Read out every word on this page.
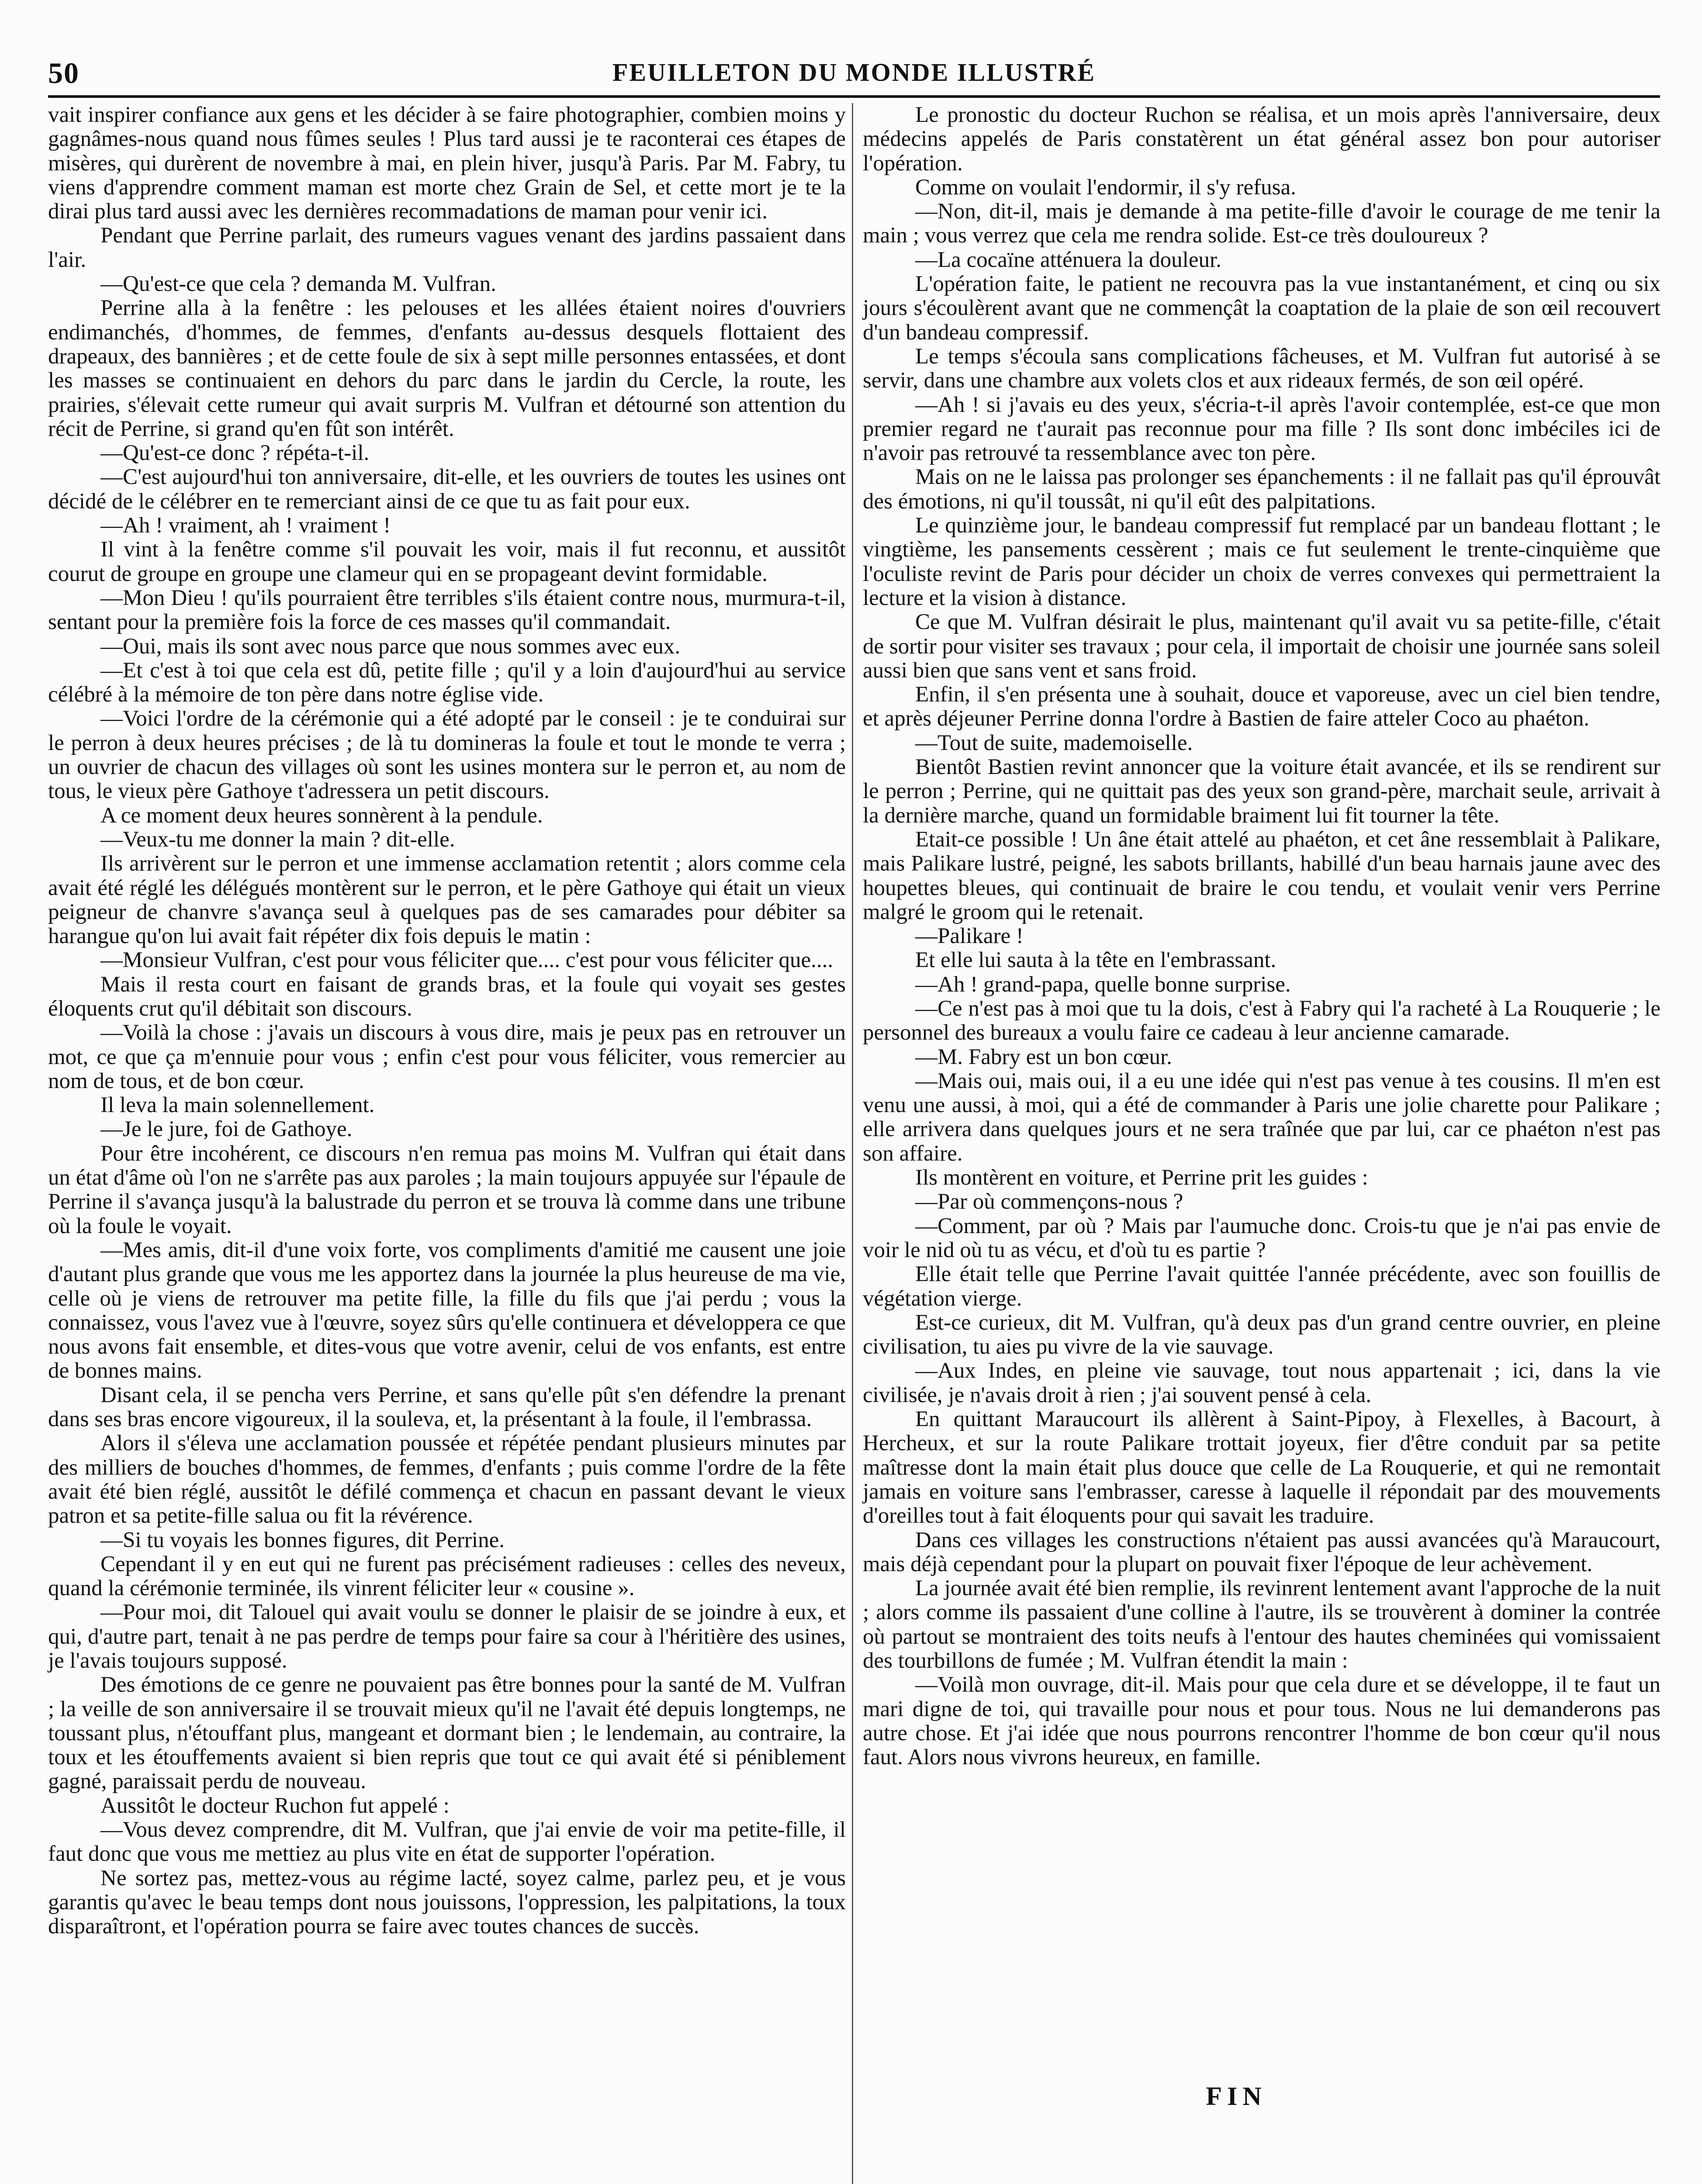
50	FEUILLETON DU MONDE ILLUSTRÉ

vait inspirer confiance aux gens et les décider à se faire photographier, combien moins y gagnâmes-nous quand nous fûmes seules ! Plus tard aussi je te raconterai ces étapes de misères, qui durèrent de novembre à mai, en plein hiver, jusqu'à Paris. Par M. Fabry, tu viens d'apprendre comment maman est morte chez Grain de Sel, et cette mort je te la dirai plus tard aussi avec les dernières recommadations de maman pour venir ici.

Pendant que Perrine parlait, des rumeurs vagues venant des jardins passaient dans l'air.

—Qu'est-ce que cela ? demanda M. Vulfran.

Perrine alla à la fenêtre : les pelouses et les allées étaient noires d'ouvriers endimanchés, d'hommes, de femmes, d'enfants au-dessus desquels flottaient des drapeaux, des bannières ; et de cette foule de six à sept mille personnes entassées, et dont les masses se continuaient en dehors du parc dans le jardin du Cercle, la route, les prairies, s'élevait cette rumeur qui avait surpris M. Vulfran et détourné son attention du récit de Perrine, si grand qu'en fût son intérêt.

—Qu'est-ce donc ? répéta-t-il.

—C'est aujourd'hui ton anniversaire, dit-elle, et les ouvriers de toutes les usines ont décidé de le célébrer en te remerciant ainsi de ce que tu as fait pour eux.

—Ah ! vraiment, ah ! vraiment !

Il vint à la fenêtre comme s'il pouvait les voir, mais il fut reconnu, et aussitôt courut de groupe en groupe une clameur qui en se propageant devint formidable.

—Mon Dieu ! qu'ils pourraient être terribles s'ils étaient contre nous, murmura-t-il, sentant pour la première fois la force de ces masses qu'il commandait.

—Oui, mais ils sont avec nous parce que nous sommes avec eux.

—Et c'est à toi que cela est dû, petite fille ; qu'il y a loin d'aujourd'hui au service célébré à la mémoire de ton père dans notre église vide.

—Voici l'ordre de la cérémonie qui a été adopté par le conseil : je te conduirai sur le perron à deux heures précises ; de là tu domineras la foule et tout le monde te verra ; un ouvrier de chacun des villages où sont les usines montera sur le perron et, au nom de tous, le vieux père Gathoye t'adressera un petit discours.

A ce moment deux heures sonnèrent à la pendule.

—Veux-tu me donner la main ? dit-elle.

Ils arrivèrent sur le perron et une immense acclamation retentit ; alors comme cela avait été réglé les délégués montèrent sur le perron, et le père Gathoye qui était un vieux peigneur de chanvre s'avança seul à quelques pas de ses camarades pour débiter sa harangue qu'on lui avait fait répéter dix fois depuis le matin :

—Monsieur Vulfran, c'est pour vous féliciter que.... c'est pour vous féliciter que....

Mais il resta court en faisant de grands bras, et la foule qui voyait ses gestes éloquents crut qu'il débitait son discours.

—Voilà la chose : j'avais un discours à vous dire, mais je peux pas en retrouver un mot, ce que ça m'ennuie pour vous ; enfin c'est pour vous féliciter, vous remercier au nom de tous, et de bon cœur.

Il leva la main solennellement.

—Je le jure, foi de Gathoye.

Pour être incohérent, ce discours n'en remua pas moins M. Vulfran qui était dans un état d'âme où l'on ne s'arrête pas aux paroles ; la main toujours appuyée sur l'épaule de Perrine il s'avança jusqu'à la balustrade du perron et se trouva là comme dans une tribune où la foule le voyait.

—Mes amis, dit-il d'une voix forte, vos compliments d'amitié me causent une joie d'autant plus grande que vous me les apportez dans la journée la plus heureuse de ma vie, celle où je viens de retrouver ma petite fille, la fille du fils que j'ai perdu ; vous la connaissez, vous l'avez vue à l'œuvre, soyez sûrs qu'elle continuera et développera ce que nous avons fait ensemble, et dites-vous que votre avenir, celui de vos enfants, est entre de bonnes mains.

Disant cela, il se pencha vers Perrine, et sans qu'elle pût s'en défendre la prenant dans ses bras encore vigoureux, il la souleva, et, la présentant à la foule, il l'embrassa.

Alors il s'éleva une acclamation poussée et répétée pendant plusieurs minutes par des milliers de bouches d'hommes, de femmes, d'enfants ; puis comme l'ordre de la fête avait été bien réglé, aussitôt le défilé commença et chacun en passant devant le vieux patron et sa petite-fille salua ou fit la révérence.

—Si tu voyais les bonnes figures, dit Perrine.

Cependant il y en eut qui ne furent pas précisément radieuses : celles des neveux, quand la cérémonie terminée, ils vinrent féliciter leur « cousine ».

—Pour moi, dit Talouel qui avait voulu se donner le plaisir de se joindre à eux, et qui, d'autre part, tenait à ne pas perdre de temps pour faire sa cour à l'héritière des usines, je l'avais toujours supposé.

Des émotions de ce genre ne pouvaient pas être bonnes pour la santé de M. Vulfran ; la veille de son anniversaire il se trouvait mieux qu'il ne l'avait été depuis longtemps, ne toussant plus, n'étouffant plus, mangeant et dormant bien ; le lendemain, au contraire, la toux et les étouffements avaient si bien repris que tout ce qui avait été si péniblement gagné, paraissait perdu de nouveau.

Aussitôt le docteur Ruchon fut appelé :

—Vous devez comprendre, dit M. Vulfran, que j'ai envie de voir ma petite-fille, il faut donc que vous me mettiez au plus vite en état de supporter l'opération.

Ne sortez pas, mettez-vous au régime lacté, soyez calme, parlez peu, et je vous garantis qu'avec le beau temps dont nous jouissons, l'oppression, les palpitations, la toux disparaîtront, et l'opération pourra se faire avec toutes chances de succès.

Le pronostic du docteur Ruchon se réalisa, et un mois après l'anniversaire, deux médecins appelés de Paris constatèrent un état général assez bon pour autoriser l'opération.

Comme on voulait l'endormir, il s'y refusa.

—Non, dit-il, mais je demande à ma petite-fille d'avoir le courage de me tenir la main ; vous verrez que cela me rendra solide. Est-ce très douloureux ?

—La cocaïne atténuera la douleur.

L'opération faite, le patient ne recouvra pas la vue instantanément, et cinq ou six jours s'écoulèrent avant que ne commençât la coaptation de la plaie de son œil recouvert d'un bandeau compressif.

Le temps s'écoula sans complications fâcheuses, et M. Vulfran fut autorisé à se servir, dans une chambre aux volets clos et aux rideaux fermés, de son œil opéré.

—Ah ! si j'avais eu des yeux, s'écria-t-il après l'avoir contemplée, est-ce que mon premier regard ne t'aurait pas reconnue pour ma fille ? Ils sont donc imbéciles ici de n'avoir pas retrouvé ta ressemblance avec ton père.

Mais on ne le laissa pas prolonger ses épanchements : il ne fallait pas qu'il éprouvât des émotions, ni qu'il toussât, ni qu'il eût des palpitations.

Le quinzième jour, le bandeau compressif fut remplacé par un bandeau flottant ; le vingtième, les pansements cessèrent ; mais ce fut seulement le trente-cinquième que l'oculiste revint de Paris pour décider un choix de verres convexes qui permettraient la lecture et la vision à distance.

Ce que M. Vulfran désirait le plus, maintenant qu'il avait vu sa petite-fille, c'était de sortir pour visiter ses travaux ; pour cela, il importait de choisir une journée sans soleil aussi bien que sans vent et sans froid.

Enfin, il s'en présenta une à souhait, douce et vaporeuse, avec un ciel bien tendre, et après déjeuner Perrine donna l'ordre à Bastien de faire atteler Coco au phaéton.

—Tout de suite, mademoiselle.

Bientôt Bastien revint annoncer que la voiture était avancée, et ils se rendirent sur le perron ; Perrine, qui ne quittait pas des yeux son grand-père, marchait seule, arrivait à la dernière marche, quand un formidable braiment lui fit tourner la tête.

Etait-ce possible ! Un âne était attelé au phaéton, et cet âne ressemblait à Palikare, mais Palikare lustré, peigné, les sabots brillants, habillé d'un beau harnais jaune avec des houpettes bleues, qui continuait de braire le cou tendu, et voulait venir vers Perrine malgré le groom qui le retenait.

—Palikare !

Et elle lui sauta à la tête en l'embrassant.

—Ah ! grand-papa, quelle bonne surprise.

—Ce n'est pas à moi que tu la dois, c'est à Fabry qui l'a racheté à La Rouquerie ; le personnel des bureaux a voulu faire ce cadeau à leur ancienne camarade.

—M. Fabry est un bon cœur.

—Mais oui, mais oui, il a eu une idée qui n'est pas venue à tes cousins. Il m'en est venu une aussi, à moi, qui a été de commander à Paris une jolie charette pour Palikare ; elle arrivera dans quelques jours et ne sera traînée que par lui, car ce phaéton n'est pas son affaire.

Ils montèrent en voiture, et Perrine prit les guides :

—Par où commençons-nous ?

—Comment, par où ? Mais par l'aumuche donc. Crois-tu que je n'ai pas envie de voir le nid où tu as vécu, et d'où tu es partie ?

Elle était telle que Perrine l'avait quittée l'année précédente, avec son fouillis de végétation vierge.

Est-ce curieux, dit M. Vulfran, qu'à deux pas d'un grand centre ouvrier, en pleine civilisation, tu aies pu vivre de la vie sauvage.

—Aux Indes, en pleine vie sauvage, tout nous appartenait ; ici, dans la vie civilisée, je n'avais droit à rien ; j'ai souvent pensé à cela.

En quittant Maraucourt ils allèrent à Saint-Pipoy, à Flexelles, à Bacourt, à Hercheux, et sur la route Palikare trottait joyeux, fier d'être conduit par sa petite maîtresse dont la main était plus douce que celle de La Rouquerie, et qui ne remontait jamais en voiture sans l'embrasser, caresse à laquelle il répondait par des mouvements d'oreilles tout à fait éloquents pour qui savait les traduire.

Dans ces villages les constructions n'étaient pas aussi avancées qu'à Maraucourt, mais déjà cependant pour la plupart on pouvait fixer l'époque de leur achèvement.

La journée avait été bien remplie, ils revinrent lentement avant l'approche de la nuit ; alors comme ils passaient d'une colline à l'autre, ils se trouvèrent à dominer la contrée où partout se montraient des toits neufs à l'entour des hautes cheminées qui vomissaient des tourbillons de fumée ; M. Vulfran étendit la main :

—Voilà mon ouvrage, dit-il. Mais pour que cela dure et se développe, il te faut un mari digne de toi, qui travaille pour nous et pour tous. Nous ne lui demanderons pas autre chose. Et j'ai idée que nous pourrons rencontrer l'homme de bon cœur qu'il nous faut. Alors nous vivrons heureux, en famille.

FIN
